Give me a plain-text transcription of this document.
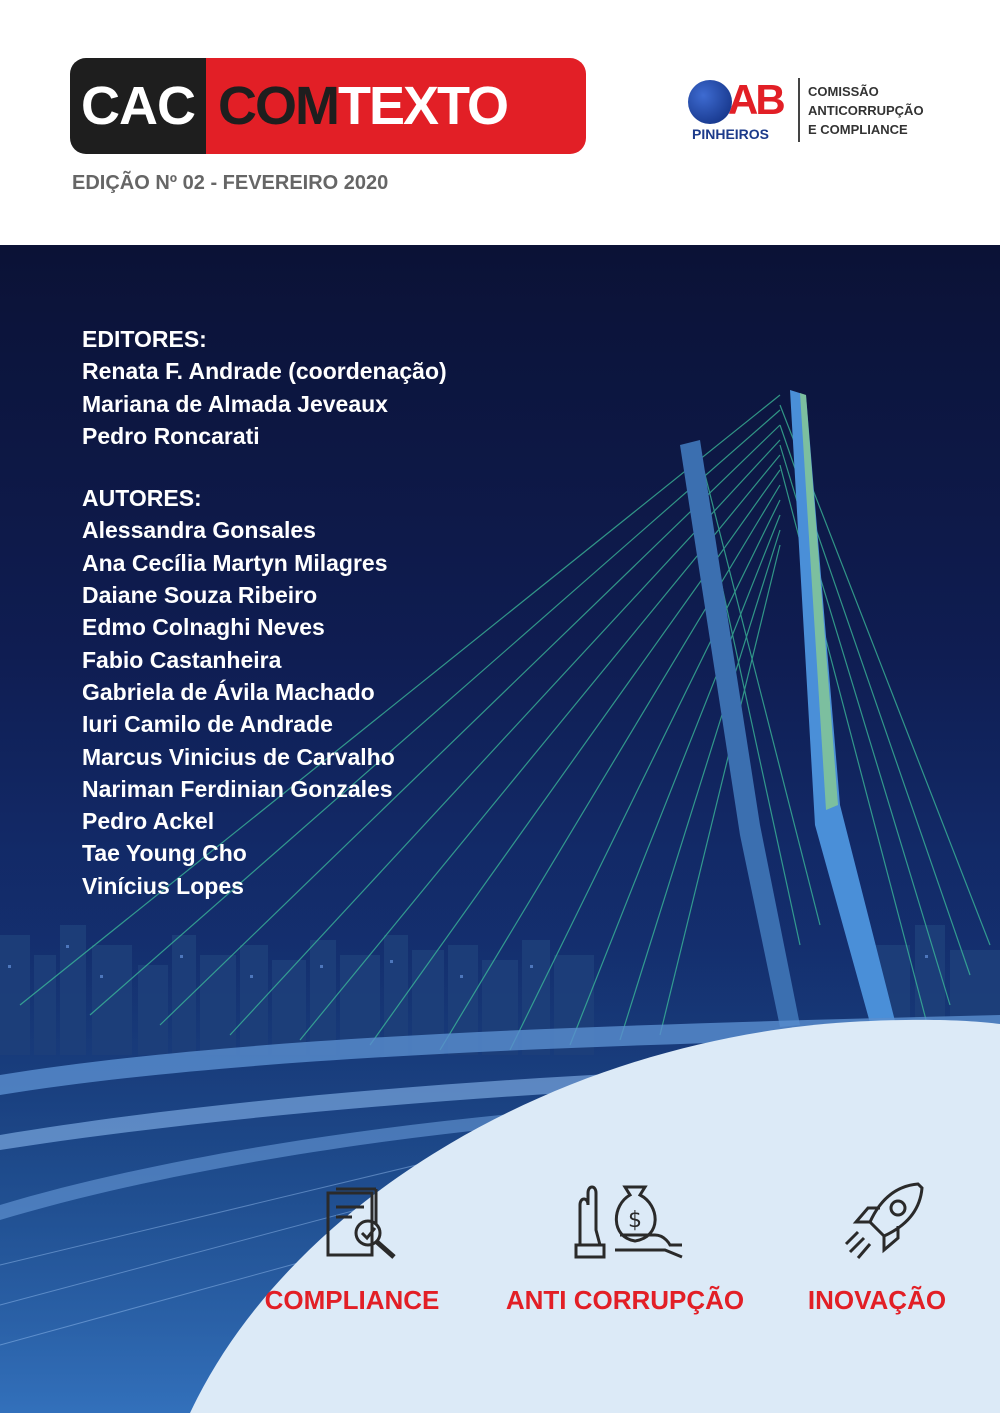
CAC COM TEXTO
EDIÇÃO Nº 02 - FEVEREIRO 2020
AB
PINHEIROS
COMISSÃO
ANTICORRUPÇÃO
E COMPLIANCE
EDITORES:
Renata F. Andrade (coordenação)
Mariana de Almada Jeveaux
Pedro Roncarati
AUTORES:
Alessandra Gonsales
Ana Cecília Martyn Milagres
Daiane Souza Ribeiro
Edmo Colnaghi Neves
Fabio Castanheira
Gabriela de Ávila Machado
Iuri Camilo de Andrade
Marcus Vinicius de Carvalho
Nariman Ferdinian Gonzales
Pedro Ackel
Tae Young Cho
Vinícius Lopes
$
COMPLIANCE	ANTI CORRUPÇÃO	INOVAÇÃO
